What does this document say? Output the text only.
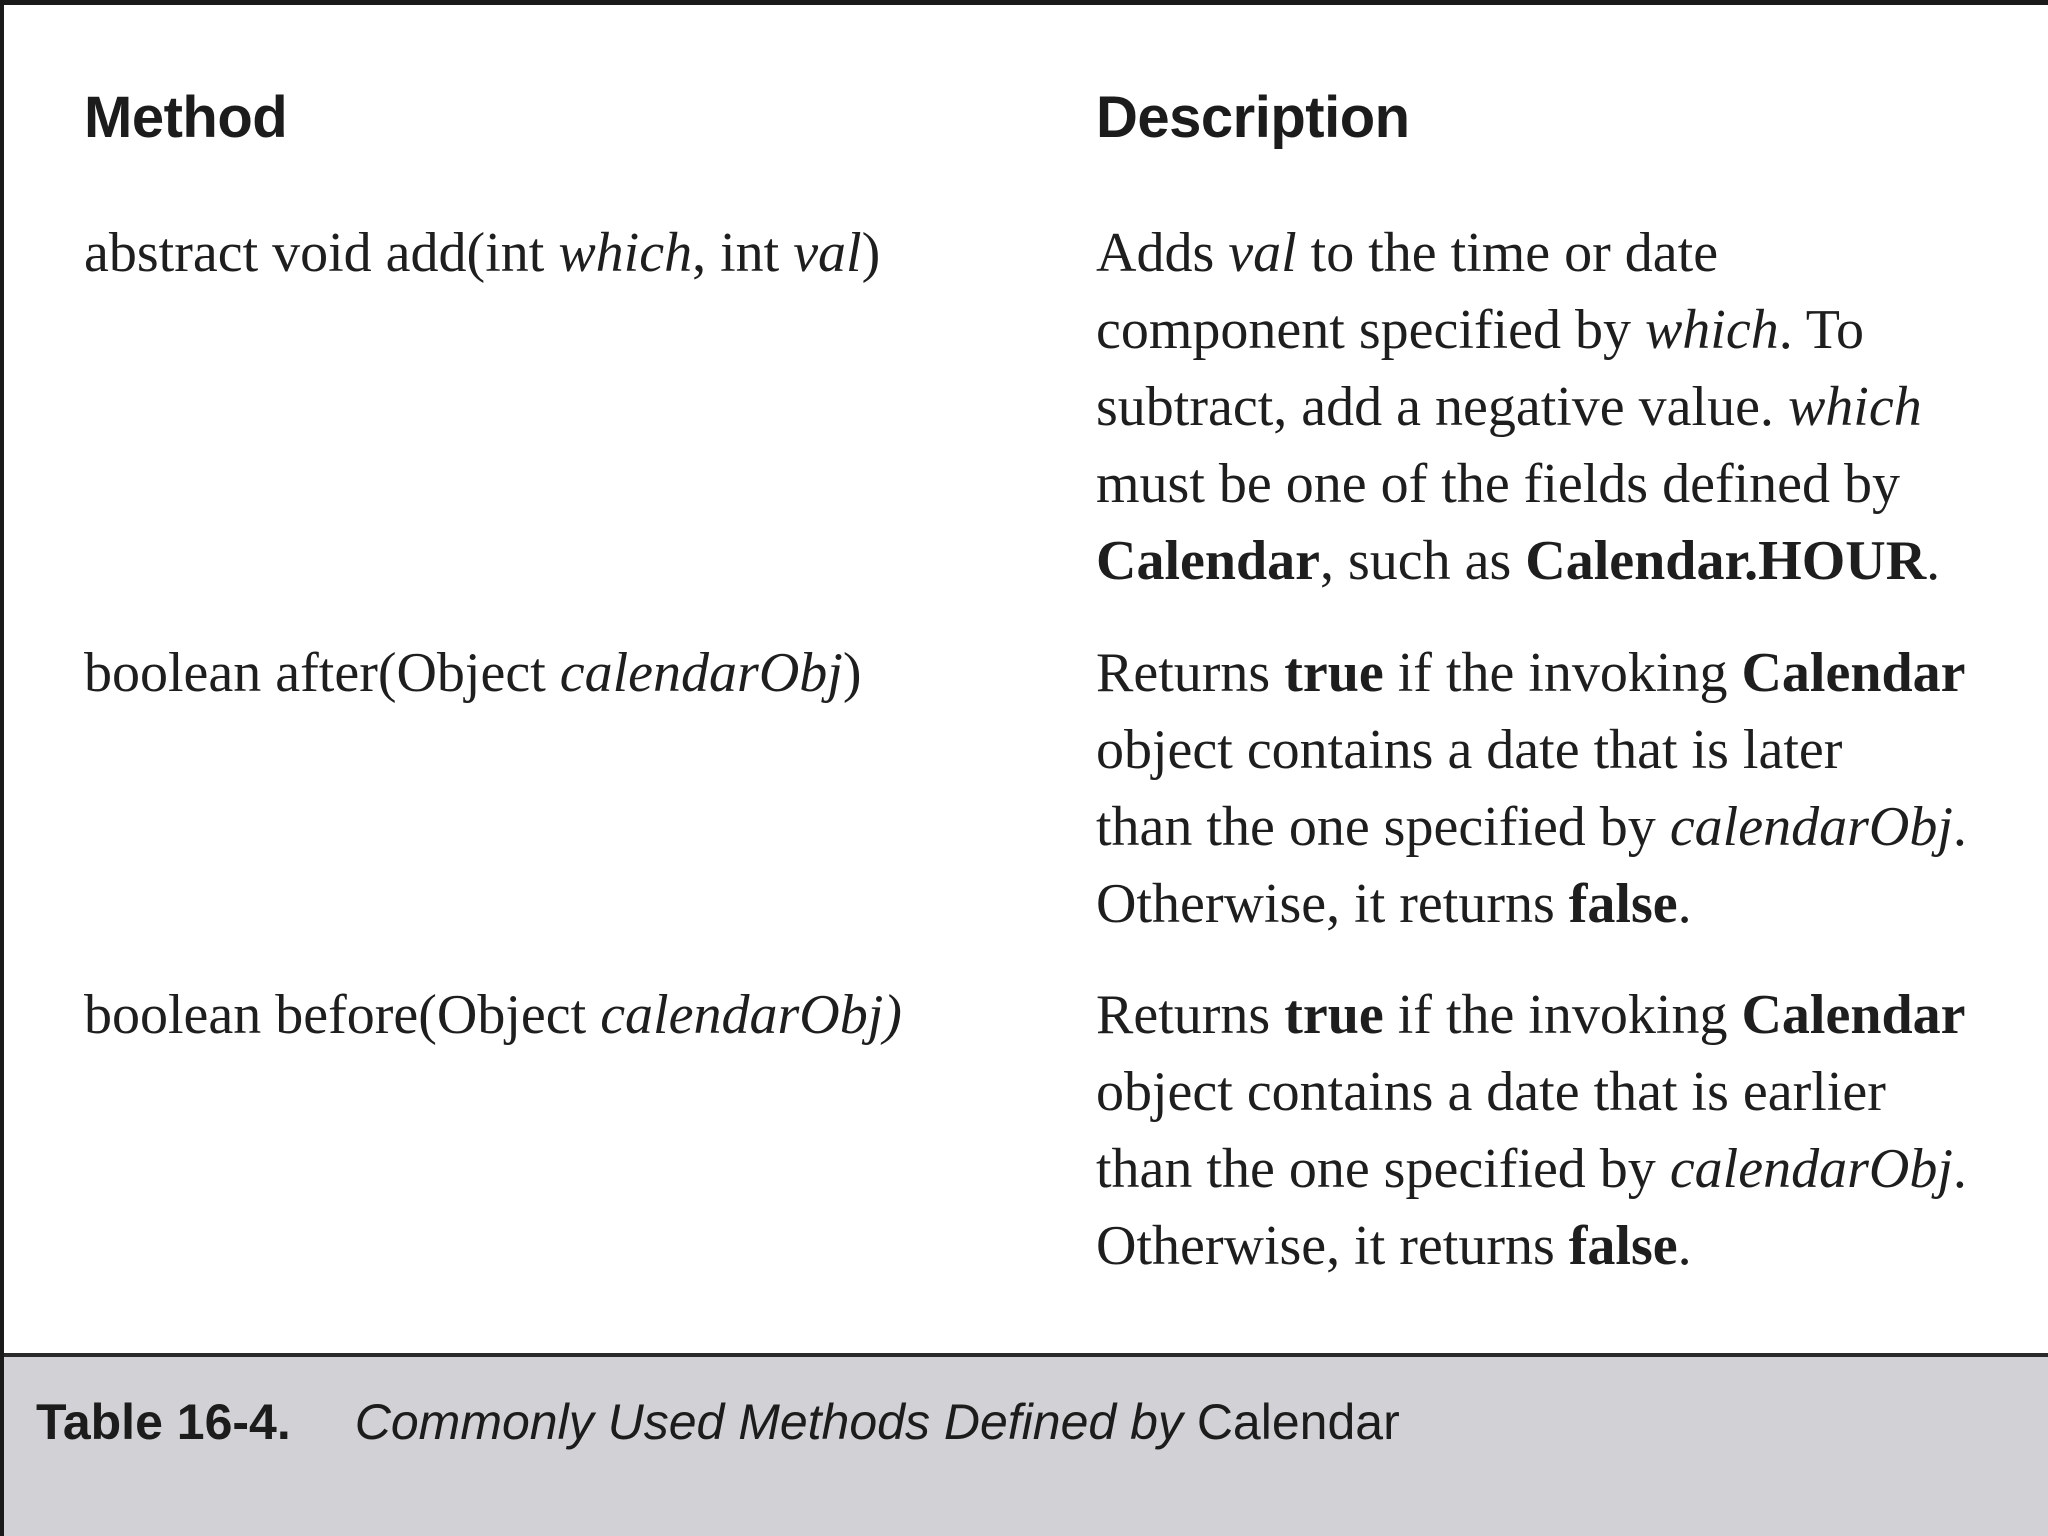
Method	Description
abstract void add(int which, int val)	Adds val to the time or date
component specified by which. To
subtract, add a negative value. which
must be one of the fields defined by
Calendar, such as Calendar.HOUR.
boolean after(Object calendarObj)	Returns true if the invoking Calendar
object contains a date that is later
than the one specified by calendarObj.
Otherwise, it returns false.
boolean before(Object calendarObj)	Returns true if the invoking Calendar
object contains a date that is earlier
than the one specified by calendarObj.
Otherwise, it returns false.
Table 16-4. Commonly Used Methods Defined by Calendar
